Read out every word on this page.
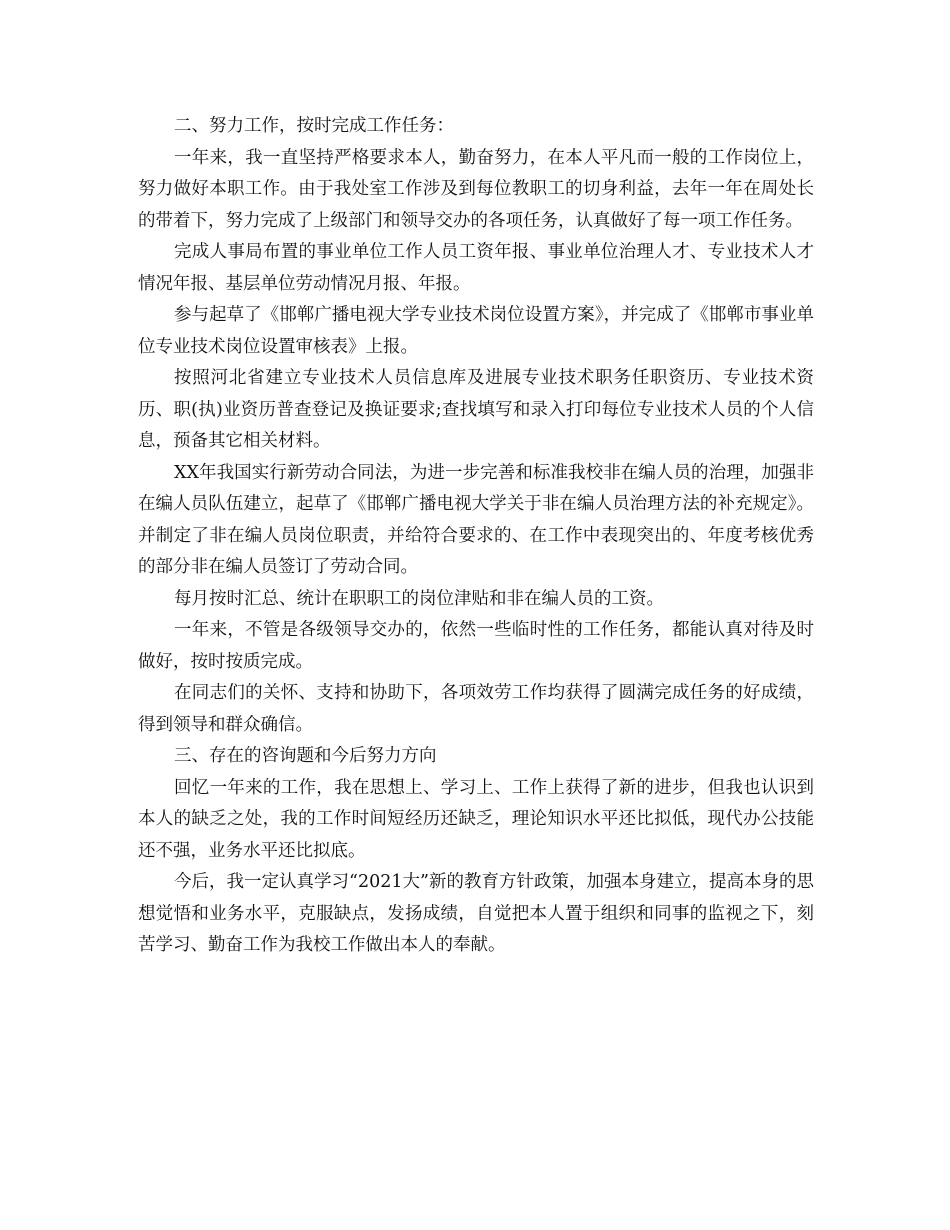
二、努力工作，按时完成工作任务：

一年来，我一直坚持严格要求本人，勤奋努力，在本人平凡而一般的工作岗位上，努力做好本职工作。由于我处室工作涉及到每位教职工的切身利益，去年一年在周处长的带着下，努力完成了上级部门和领导交办的各项任务，认真做好了每一项工作任务。

完成人事局布置的事业单位工作人员工资年报、事业单位治理人才、专业技术人才情况年报、基层单位劳动情况月报、年报。

参与起草了《邯郸广播电视大学专业技术岗位设置方案》，并完成了《邯郸市事业单位专业技术岗位设置审核表》上报。

按照河北省建立专业技术人员信息库及进展专业技术职务任职资历、专业技术资历、职(执)业资历普查登记及换证要求;查找填写和录入打印每位专业技术人员的个人信息，预备其它相关材料。

XX年我国实行新劳动合同法，为进一步完善和标准我校非在编人员的治理，加强非在编人员队伍建立，起草了《邯郸广播电视大学关于非在编人员治理方法的补充规定》。并制定了非在编人员岗位职责，并给符合要求的、在工作中表现突出的、年度考核优秀的部分非在编人员签订了劳动合同。

每月按时汇总、统计在职职工的岗位津贴和非在编人员的工资。

一年来，不管是各级领导交办的，依然一些临时性的工作任务，都能认真对待及时做好，按时按质完成。

在同志们的关怀、支持和协助下，各项效劳工作均获得了圆满完成任务的好成绩，得到领导和群众确信。

三、存在的咨询题和今后努力方向

回忆一年来的工作，我在思想上、学习上、工作上获得了新的进步，但我也认识到本人的缺乏之处，我的工作时间短经历还缺乏，理论知识水平还比拟低，现代办公技能还不强，业务水平还比拟底。

今后，我一定认真学习“2021大”新的教育方针政策，加强本身建立，提高本身的思想觉悟和业务水平，克服缺点，发扬成绩，自觉把本人置于组织和同事的监视之下，刻苦学习、勤奋工作为我校工作做出本人的奉献。
